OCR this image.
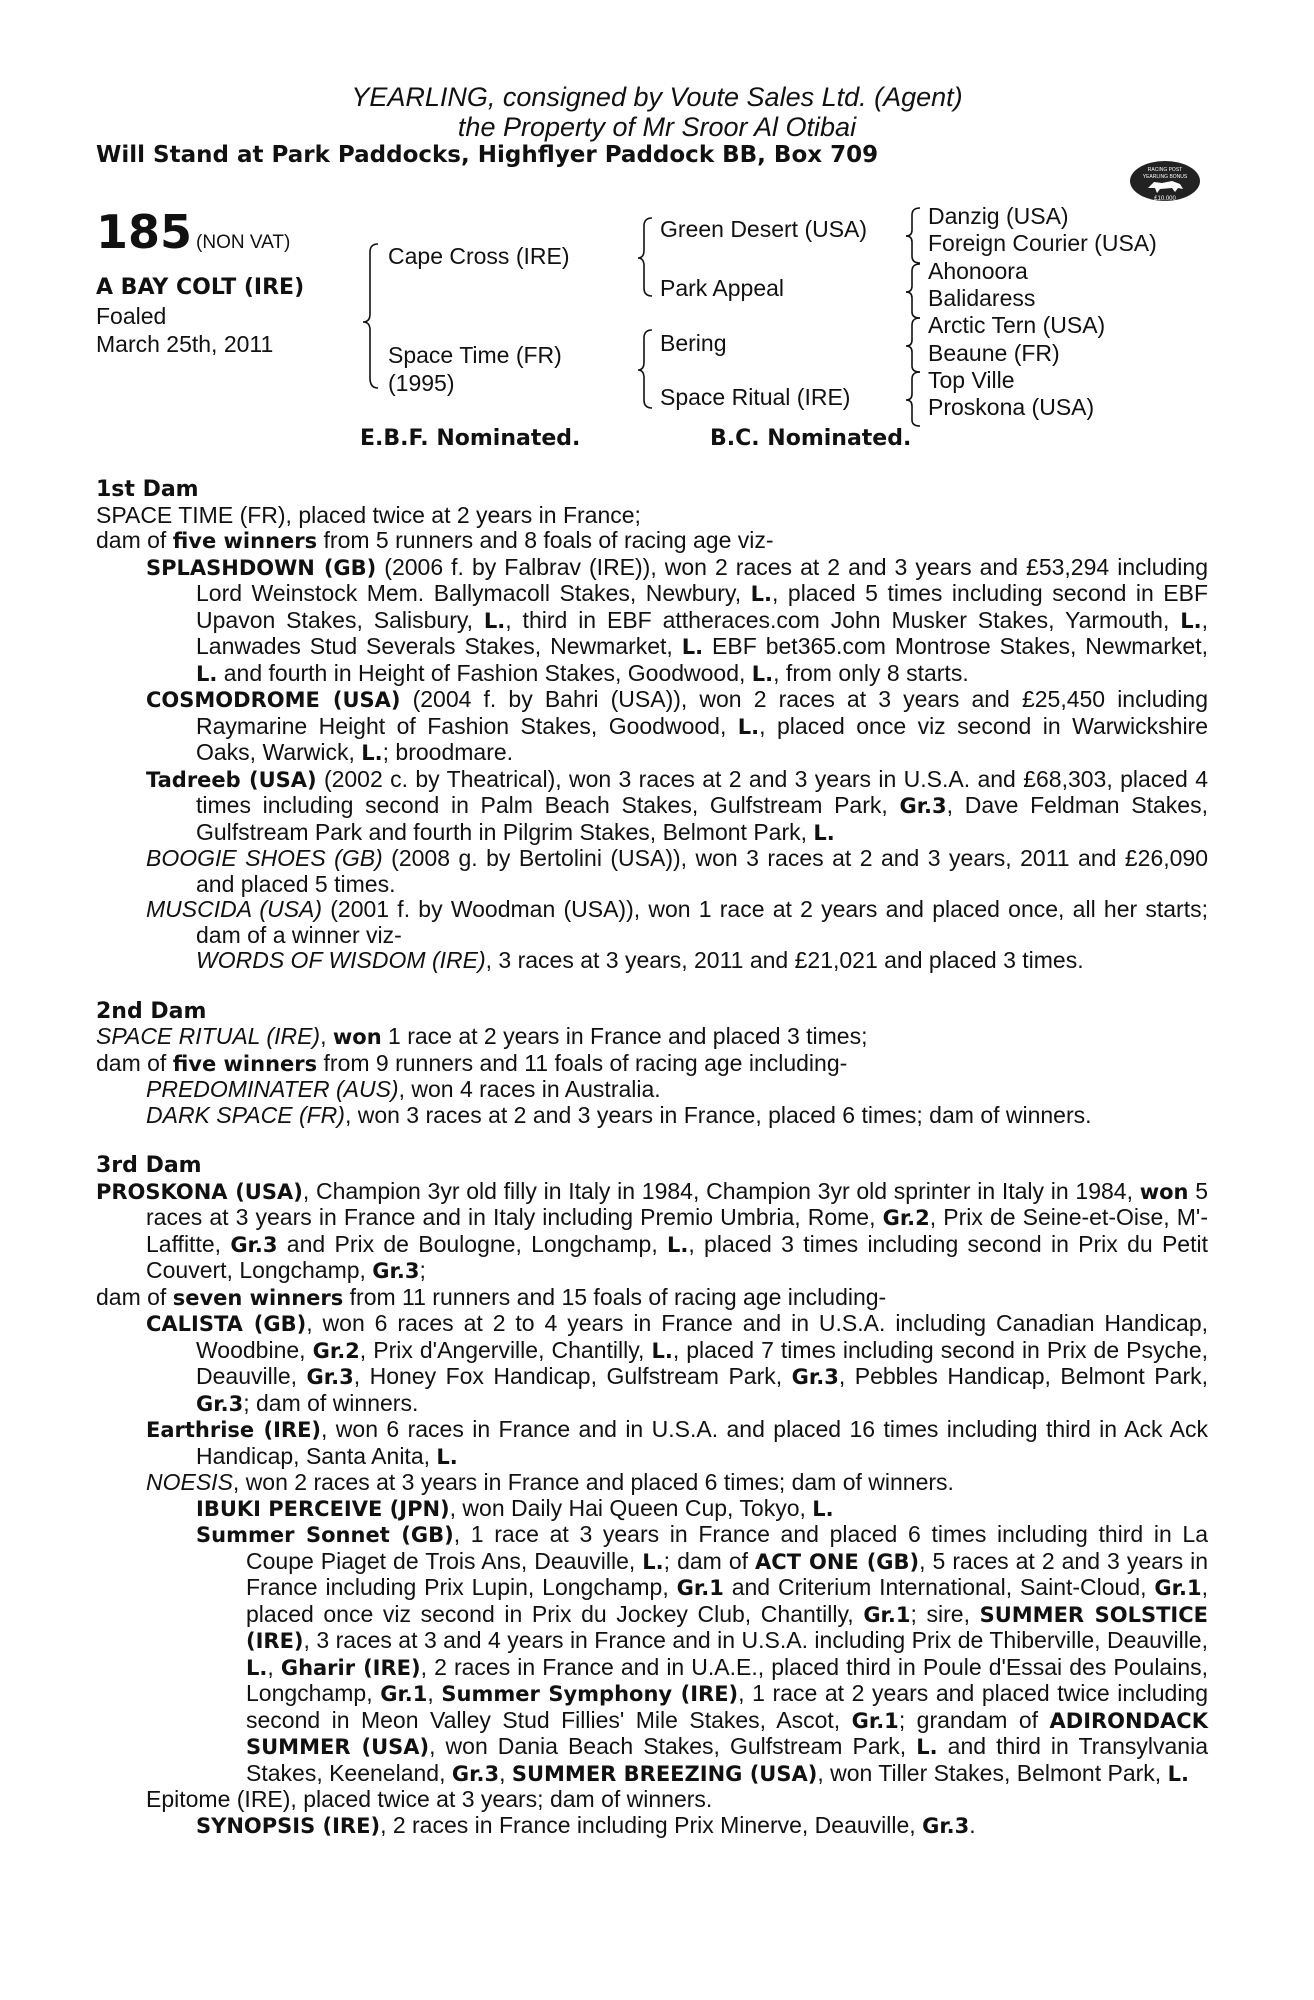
YEARLING, consigned by Voute Sales Ltd. (Agent)
the Property of Mr Sroor Al Otibai
Will Stand at Park Paddocks, Highflyer Paddock BB, Box 709
RACING POST
YEARLING BONUS
£10,000
185 (NON VAT)
A BAY COLT (IRE)
Foaled
March 25th, 2011
Cape Cross (IRE)
Space Time (FR)
(1995)
Green Desert (USA)
Park Appeal
Bering
Space Ritual (IRE)
Danzig (USA)
Foreign Courier (USA)
Ahonoora
Balidaress
Arctic Tern (USA)
Beaune (FR)
Top Ville
Proskona (USA)
E.B.F. Nominated.	B.C. Nominated.
1st Dam
SPACE TIME (FR), placed twice at 2 years in France;
dam of five winners from 5 runners and 8 foals of racing age viz-
SPLASHDOWN (GB) (2006 f. by Falbrav (IRE)), won 2 races at 2 and 3 years and £53,294 including Lord Weinstock Mem. Ballymacoll Stakes, Newbury, L., placed 5 times including second in EBF Upavon Stakes, Salisbury, L., third in EBF attheraces.com John Musker Stakes, Yarmouth, L., Lanwades Stud Severals Stakes, Newmarket, L. EBF bet365.com Montrose Stakes, Newmarket, L. and fourth in Height of Fashion Stakes, Goodwood, L., from only 8 starts.
COSMODROME (USA) (2004 f. by Bahri (USA)), won 2 races at 3 years and £25,450 including Raymarine Height of Fashion Stakes, Goodwood, L., placed once viz second in Warwickshire Oaks, Warwick, L.; broodmare.
Tadreeb (USA) (2002 c. by Theatrical), won 3 races at 2 and 3 years in U.S.A. and £68,303, placed 4 times including second in Palm Beach Stakes, Gulfstream Park, Gr.3, Dave Feldman Stakes, Gulfstream Park and fourth in Pilgrim Stakes, Belmont Park, L.
BOOGIE SHOES (GB) (2008 g. by Bertolini (USA)), won 3 races at 2 and 3 years, 2011 and £26,090 and placed 5 times.
MUSCIDA (USA) (2001 f. by Woodman (USA)), won 1 race at 2 years and placed once, all her starts; dam of a winner viz-
WORDS OF WISDOM (IRE), 3 races at 3 years, 2011 and £21,021 and placed 3 times.
2nd Dam
SPACE RITUAL (IRE), won 1 race at 2 years in France and placed 3 times;
dam of five winners from 9 runners and 11 foals of racing age including-
PREDOMINATER (AUS), won 4 races in Australia.
DARK SPACE (FR), won 3 races at 2 and 3 years in France, placed 6 times; dam of winners.
3rd Dam
PROSKONA (USA), Champion 3yr old filly in Italy in 1984, Champion 3yr old sprinter in Italy in 1984, won 5 races at 3 years in France and in Italy including Premio Umbria, Rome, Gr.2, Prix de Seine-et-Oise, M'-Laffitte, Gr.3 and Prix de Boulogne, Longchamp, L., placed 3 times including second in Prix du Petit Couvert, Longchamp, Gr.3;
dam of seven winners from 11 runners and 15 foals of racing age including-
CALISTA (GB), won 6 races at 2 to 4 years in France and in U.S.A. including Canadian Handicap, Woodbine, Gr.2, Prix d'Angerville, Chantilly, L., placed 7 times including second in Prix de Psyche, Deauville, Gr.3, Honey Fox Handicap, Gulfstream Park, Gr.3, Pebbles Handicap, Belmont Park, Gr.3; dam of winners.
Earthrise (IRE), won 6 races in France and in U.S.A. and placed 16 times including third in Ack Ack Handicap, Santa Anita, L.
NOESIS, won 2 races at 3 years in France and placed 6 times; dam of winners.
IBUKI PERCEIVE (JPN), won Daily Hai Queen Cup, Tokyo, L.
Summer Sonnet (GB), 1 race at 3 years in France and placed 6 times including third in La Coupe Piaget de Trois Ans, Deauville, L.; dam of ACT ONE (GB), 5 races at 2 and 3 years in France including Prix Lupin, Longchamp, Gr.1 and Criterium International, Saint-Cloud, Gr.1, placed once viz second in Prix du Jockey Club, Chantilly, Gr.1; sire, SUMMER SOLSTICE (IRE), 3 races at 3 and 4 years in France and in U.S.A. including Prix de Thiberville, Deauville, L., Gharir (IRE), 2 races in France and in U.A.E., placed third in Poule d'Essai des Poulains, Longchamp, Gr.1, Summer Symphony (IRE), 1 race at 2 years and placed twice including second in Meon Valley Stud Fillies' Mile Stakes, Ascot, Gr.1; grandam of ADIRONDACK SUMMER (USA), won Dania Beach Stakes, Gulfstream Park, L. and third in Transylvania Stakes, Keeneland, Gr.3, SUMMER BREEZING (USA), won Tiller Stakes, Belmont Park, L.
Epitome (IRE), placed twice at 3 years; dam of winners.
SYNOPSIS (IRE), 2 races in France including Prix Minerve, Deauville, Gr.3.
